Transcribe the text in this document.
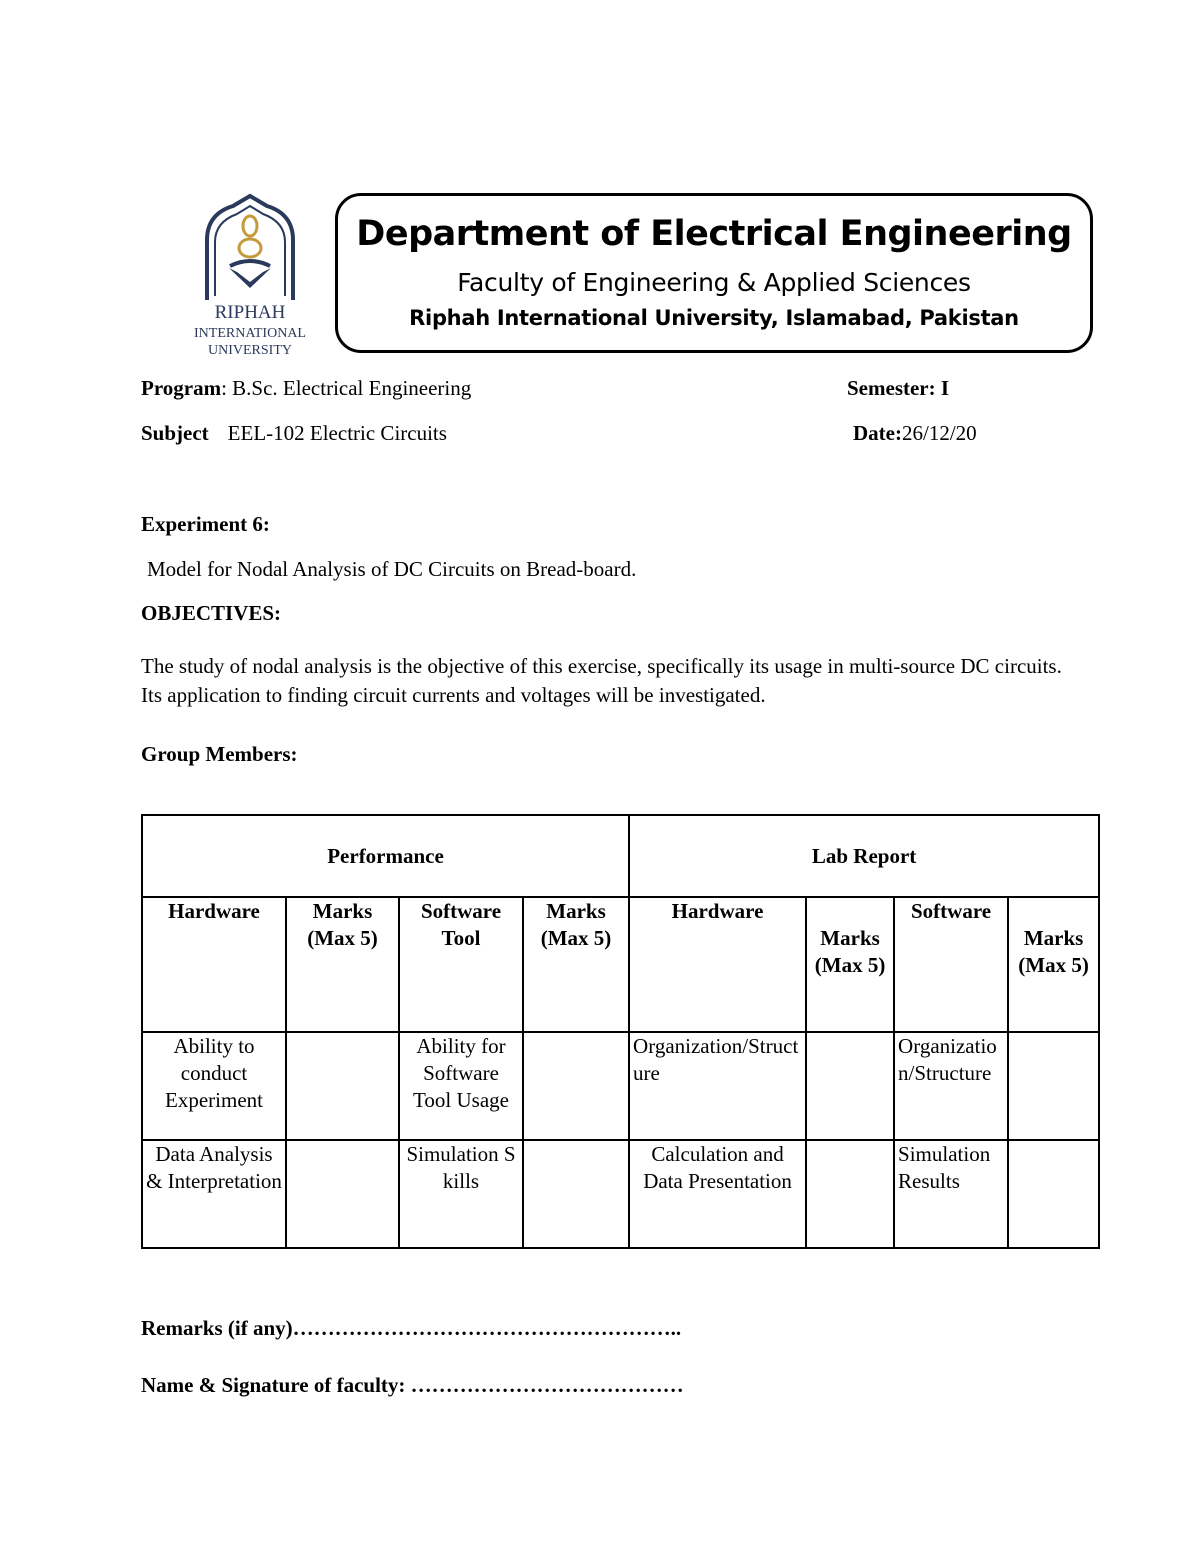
RIPHAH
INTERNATIONAL
UNIVERSITY
Department of Electrical Engineering
Faculty of Engineering & Applied Sciences
Riphah International University, Islamabad, Pakistan
Program: B.Sc. Electrical Engineering	Semester: I
Subject EEL-102 Electric Circuits	Date:26/12/20
Experiment 6:
Model for Nodal Analysis of DC Circuits on Bread-board.
OBJECTIVES:
The study of nodal analysis is the objective of this exercise, specifically its usage in multi-source DC circuits. Its application to finding circuit currents and voltages will be investigated.
Group Members:
Performance				Lab Report			
Hardware	Marks (Max 5)	Software Tool	Marks (Max 5)	Hardware	Marks (Max 5)	Software	Marks (Max 5)
Ability to conduct Experiment		Ability for Software Tool Usage		Organization/Structure		Organization/Structure	
Data Analysis & Interpretation		Simulation Skills		Calculation and Data Presentation		Simulation Results	
Remarks (if any)………………………………………………..
Name & Signature of faculty: …………………………………
